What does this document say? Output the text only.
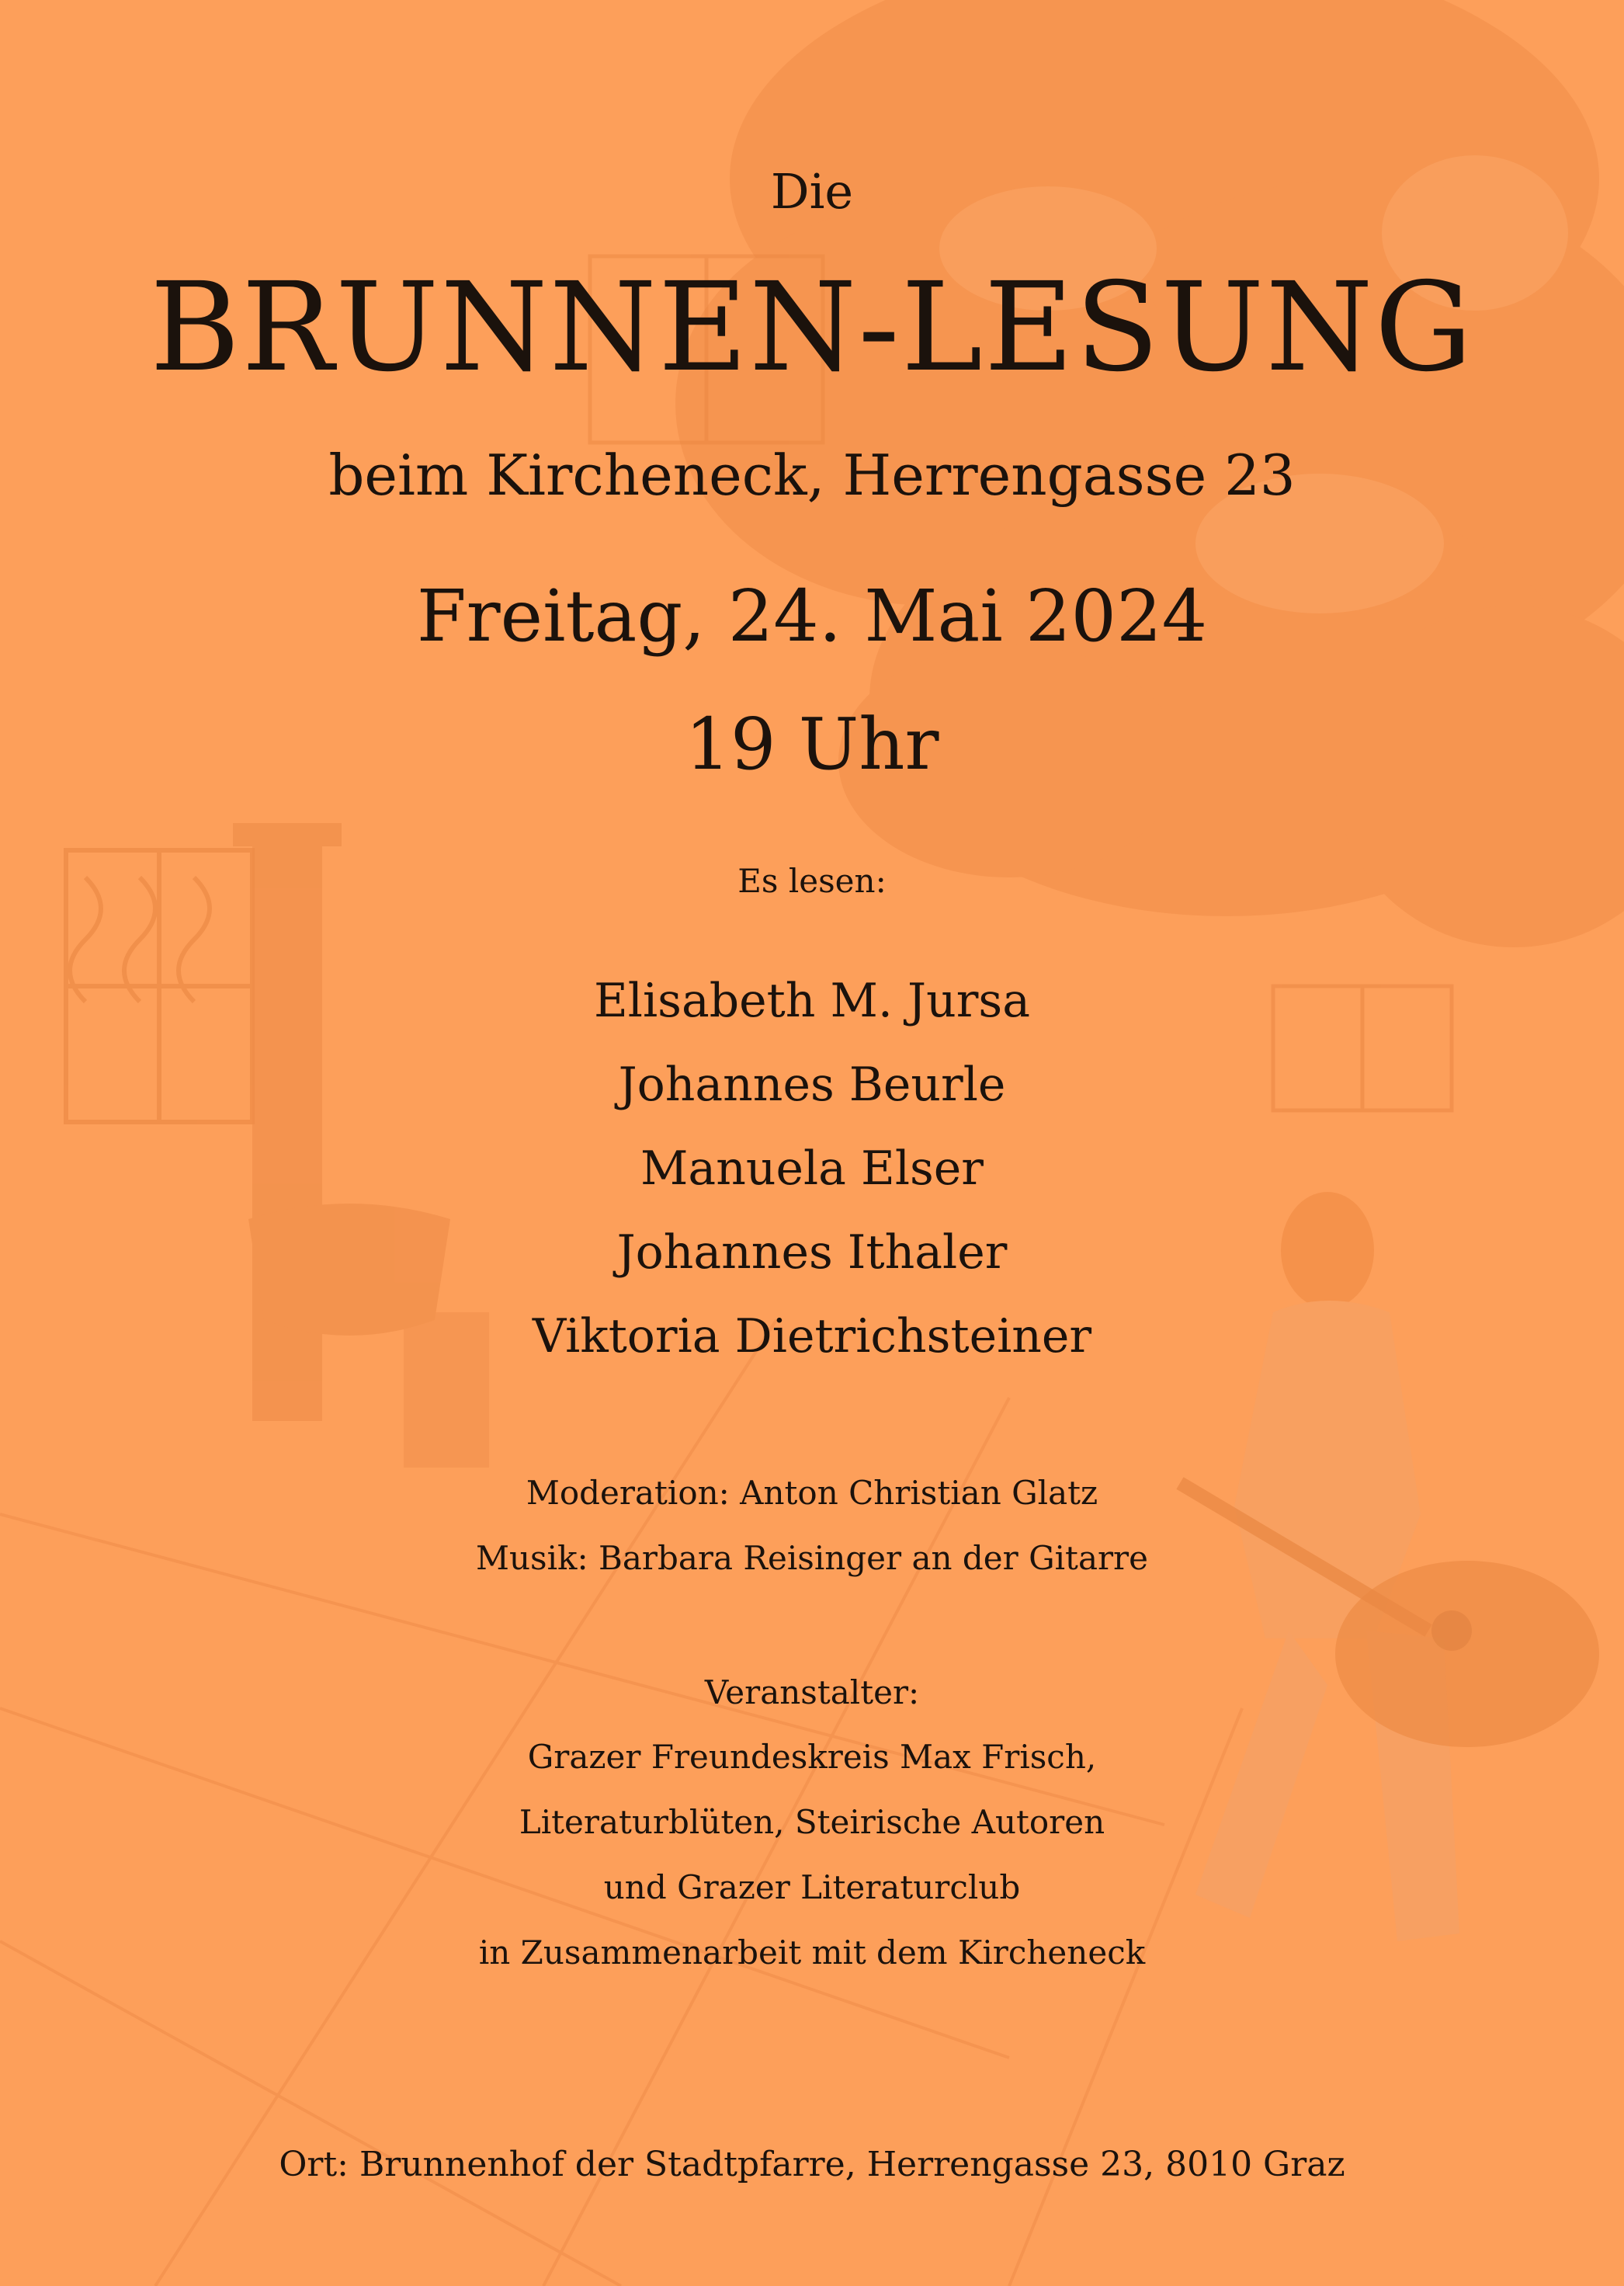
Die

BRUNNEN-LESUNG

beim Kircheneck, Herrengasse 23

Freitag, 24. Mai 2024

19 Uhr

Es lesen:

Elisabeth M. Jursa

Johannes Beurle

Manuela Elser

Johannes Ithaler

Viktoria Dietrichsteiner

Moderation: Anton Christian Glatz

Musik: Barbara Reisinger an der Gitarre

Veranstalter:

Grazer Freundeskreis Max Frisch,

Literaturblüten, Steirische Autoren

und Grazer Literaturclub

in Zusammenarbeit mit dem Kircheneck

Ort: Brunnenhof der Stadtpfarre, Herrengasse 23, 8010 Graz
